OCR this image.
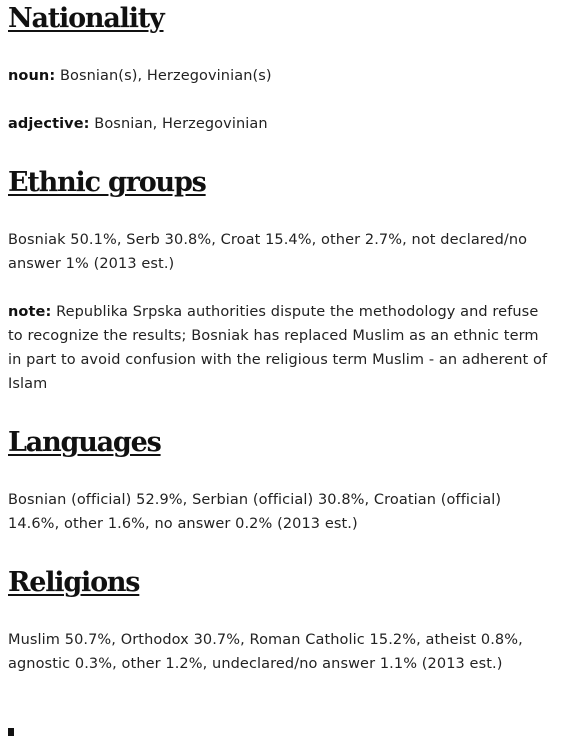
Nationality

noun: Bosnian(s), Herzegovinian(s)

adjective: Bosnian, Herzegovinian

Ethnic groups

Bosniak 50.1%, Serb 30.8%, Croat 15.4%, other 2.7%, not declared/no answer 1% (2013 est.)

note: Republika Srpska authorities dispute the methodology and refuse to recognize the results; Bosniak has replaced Muslim as an ethnic term in part to avoid confusion with the religious term Muslim - an adherent of Islam

Languages

Bosnian (official) 52.9%, Serbian (official) 30.8%, Croatian (official) 14.6%, other 1.6%, no answer 0.2% (2013 est.)

Religions

Muslim 50.7%, Orthodox 30.7%, Roman Catholic 15.2%, atheist 0.8%, agnostic 0.3%, other 1.2%, undeclared/no answer 1.1% (2013 est.)
